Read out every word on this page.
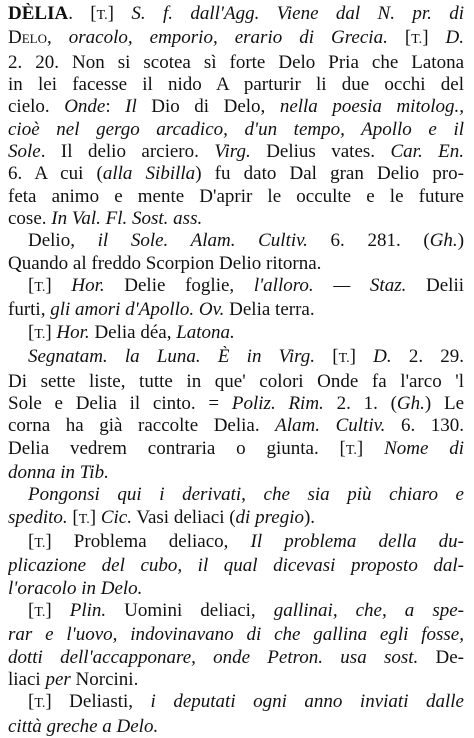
DÈLIA. [T.] S. f. dall'Agg. Viene dal N. pr. di
Delo, oracolo, emporio, erario di Grecia. [T.] D.
2. 20. Non si scotea sì forte Delo Pria che Latona
in lei facesse il nido A parturir li due occhi del
cielo. Onde: Il Dio di Delo, nella poesia mitolog.,
cioè nel gergo arcadico, d'un tempo, Apollo e il
Sole. Il delio arciero. Virg. Delius vates. Car. En.
6. A cui (alla Sibilla) fu dato Dal gran Delio pro-
feta animo e mente D'aprir le occulte e le future
cose. In Val. Fl. Sost. ass.
Delio, il Sole. Alam. Cultiv. 6. 281. (Gh.)
Quando al freddo Scorpion Delio ritorna.
[T.] Hor. Delie foglie, l'alloro. — Staz. Delii
furti, gli amori d'Apollo. Ov. Delia terra.
[T.] Hor. Delia déa, Latona.
Segnatam. la Luna. È in Virg. [T.] D. 2. 29.
Di sette liste, tutte in que' colori Onde fa l'arco 'l
Sole e Delia il cinto. = Poliz. Rim. 2. 1. (Gh.) Le
corna ha già raccolte Delia. Alam. Cultiv. 6. 130.
Delia vedrem contraria o giunta. [T.] Nome di
donna in Tib.
Pongonsi qui i derivati, che sia più chiaro e
spedito. [T.] Cic. Vasi deliaci (di pregio).
[T.] Problema deliaco, Il problema della du-
plicazione del cubo, il qual dicevasi proposto dal-
l'oracolo in Delo.
[T.] Plin. Uomini deliaci, gallinai, che, a spe-
rar e l'uovo, indovinavano di che gallina egli fosse,
dotti dell'accapponare, onde Petron. usa sost. De-
liaci per Norcini.
[T.] Deliasti, i deputati ogni anno inviati dalle
città greche a Delo.
